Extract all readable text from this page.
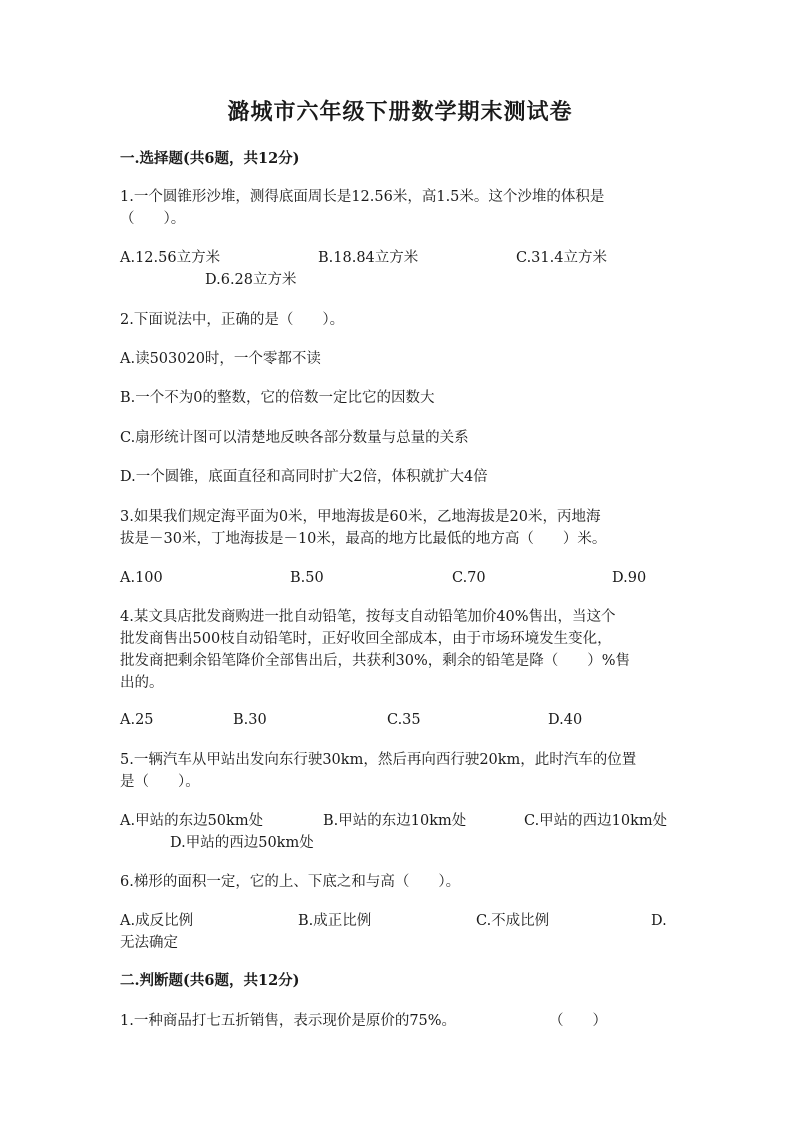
潞城市六年级下册数学期末测试卷
一.选择题(共6题，共12分)
1.一个圆锥形沙堆，测得底面周长是12.56米，高1.5米。这个沙堆的体积是
（　　）。
A.12.56立方米	B.18.84立方米	C.31.4立方米
D.6.28立方米
2.下面说法中，正确的是（　　）。
A.读503020时，一个零都不读
B.一个不为0的整数，它的倍数一定比它的因数大
C.扇形统计图可以清楚地反映各部分数量与总量的关系
D.一个圆锥，底面直径和高同时扩大2倍，体积就扩大4倍
3.如果我们规定海平面为0米，甲地海拔是60米，乙地海拔是20米，丙地海
拔是－30米，丁地海拔是－10米，最高的地方比最低的地方高（　　）米。
A.100	B.50	C.70	D.90
4.某文具店批发商购进一批自动铅笔，按每支自动铅笔加价40%售出，当这个
批发商售出500枝自动铅笔时，正好收回全部成本，由于市场环境发生变化，
批发商把剩余铅笔降价全部售出后，共获利30%，剩余的铅笔是降（　　）%售
出的。
A.25	B.30	C.35	D.40
5.一辆汽车从甲站出发向东行驶30km，然后再向西行驶20km，此时汽车的位置
是（　　）。
A.甲站的东边50km处	B.甲站的东边10km处	C.甲站的西边10km处
D.甲站的西边50km处
6.梯形的面积一定，它的上、下底之和与高（　　）。
A.成反比例	B.成正比例	C.不成比例	D.
无法确定
二.判断题(共6题，共12分)
1.一种商品打七五折销售，表示现价是原价的75%。	（　　）
